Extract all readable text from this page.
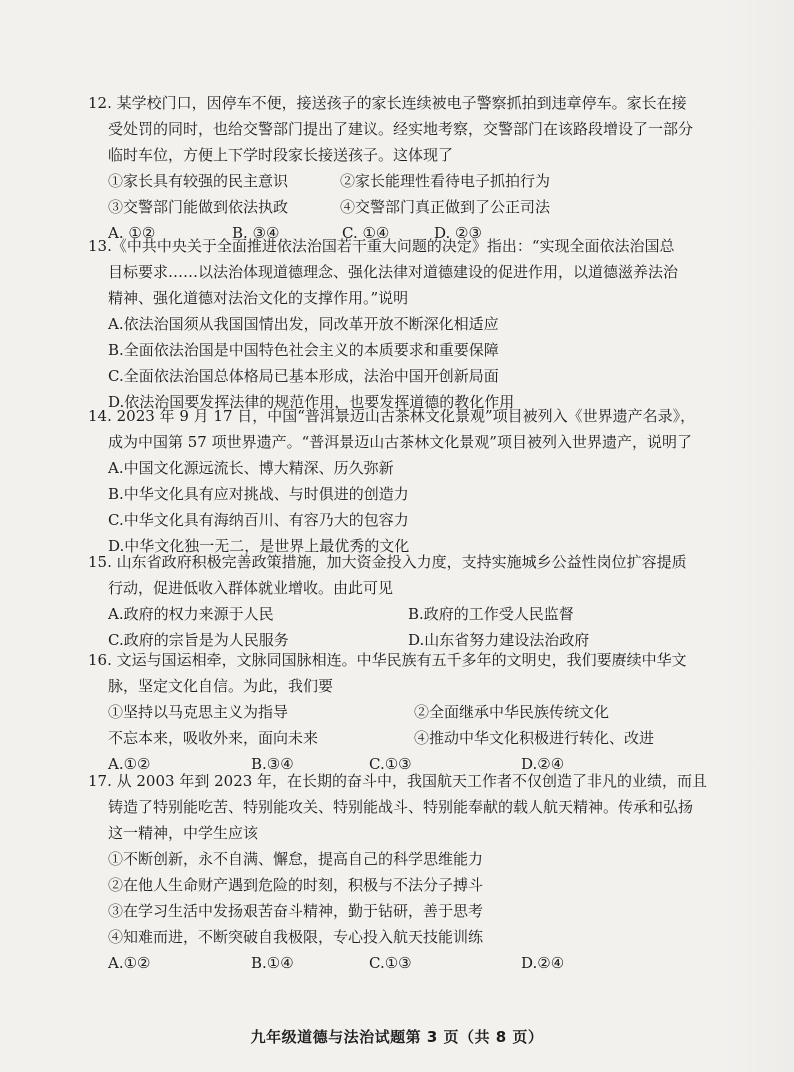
12. 某学校门口，因停车不便，接送孩子的家长连续被电子警察抓拍到违章停车。家长在接
受处罚的同时，也给交警部门提出了建议。经实地考察，交警部门在该路段增设了一部分
临时车位，方便上下学时段家长接送孩子。这体现了
①家长具有较强的民主意识	②家长能理性看待电子抓拍行为
③交警部门能做到依法执政	④交警部门真正做到了公正司法
A. ①②	B. ③④	C. ①④	D. ②③
13.《中共中央关于全面推进依法治国若干重大问题的决定》指出：“实现全面依法治国总
目标要求……以法治体现道德理念、强化法律对道德建设的促进作用，以道德滋养法治
精神、强化道德对法治文化的支撑作用。”说明
A.依法治国须从我国国情出发，同改革开放不断深化相适应
B.全面依法治国是中国特色社会主义的本质要求和重要保障
C.全面依法治国总体格局已基本形成，法治中国开创新局面
D.依法治国要发挥法律的规范作用，也要发挥道德的教化作用
14. 2023 年 9 月 17 日，中国“普洱景迈山古茶林文化景观”项目被列入《世界遗产名录》，
成为中国第 57 项世界遗产。“普洱景迈山古茶林文化景观”项目被列入世界遗产，说明了
A.中国文化源远流长、博大精深、历久弥新
B.中华文化具有应对挑战、与时俱进的创造力
C.中华文化具有海纳百川、有容乃大的包容力
D.中华文化独一无二，是世界上最优秀的文化
15. 山东省政府积极完善政策措施，加大资金投入力度，支持实施城乡公益性岗位扩容提质
行动，促进低收入群体就业增收。由此可见
A.政府的权力来源于人民	B.政府的工作受人民监督
C.政府的宗旨是为人民服务	D.山东省努力建设法治政府
16. 文运与国运相牵，文脉同国脉相连。中华民族有五千多年的文明史，我们要赓续中华文
脉，坚定文化自信。为此，我们要
①坚持以马克思主义为指导	②全面继承中华民族传统文化
不忘本来，吸收外来，面向未来	④推动中华文化积极进行转化、改进
A.①②	B.③④	C.①③	D.②④
17. 从 2003 年到 2023 年，在长期的奋斗中，我国航天工作者不仅创造了非凡的业绩，而且
铸造了特别能吃苦、特别能攻关、特别能战斗、特别能奉献的载人航天精神。传承和弘扬
这一精神，中学生应该
①不断创新，永不自满、懈怠，提高自己的科学思维能力
②在他人生命财产遇到危险的时刻，积极与不法分子搏斗
③在学习生活中发扬艰苦奋斗精神，勤于钻研，善于思考
④知难而进，不断突破自我极限，专心投入航天技能训练
A.①②	B.①④	C.①③	D.②④
九年级道德与法治试题第 3 页（共 8 页）
